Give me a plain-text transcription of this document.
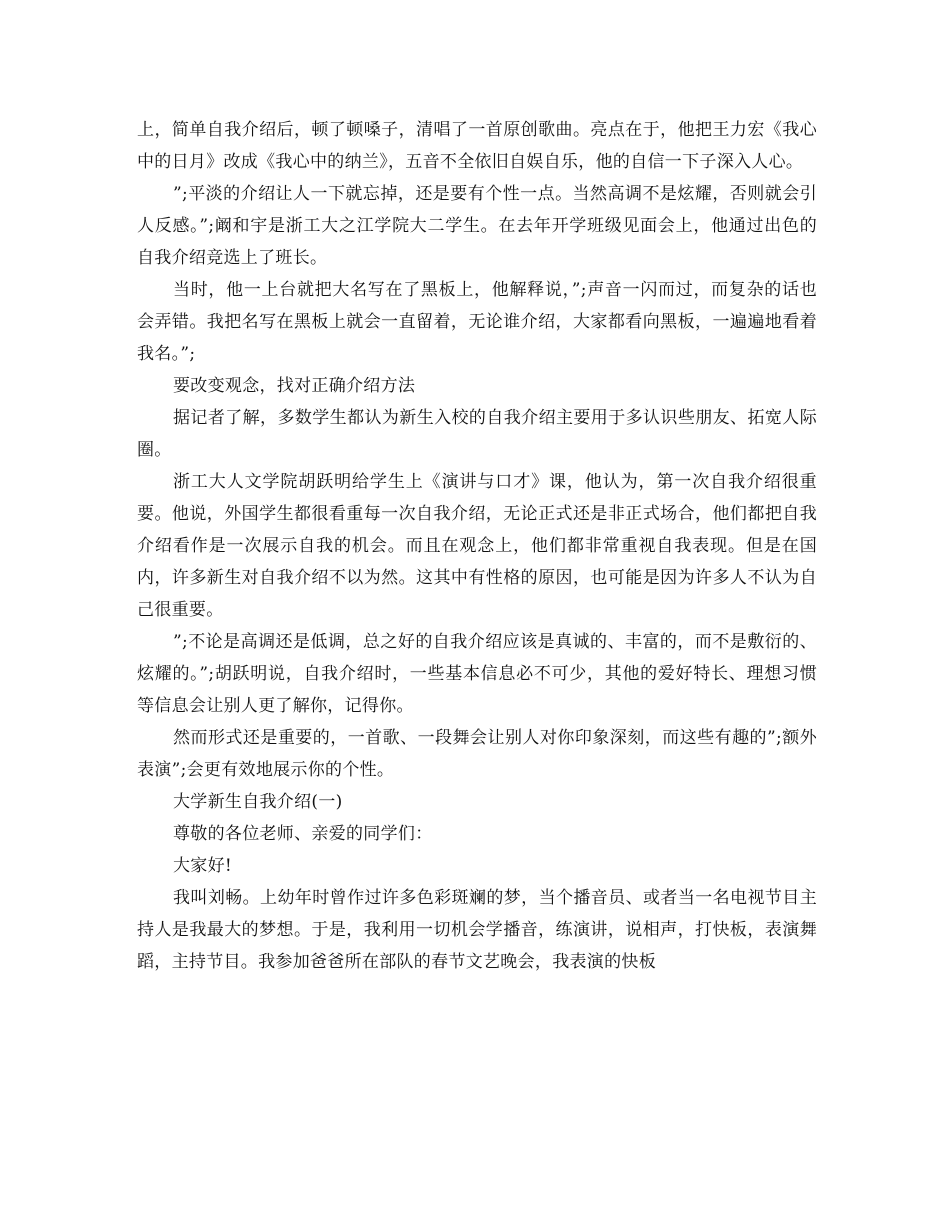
上，简单自我介绍后，顿了顿嗓子，清唱了一首原创歌曲。亮点在于，他把王力宏《我心中的日月》改成《我心中的纳兰》，五音不全依旧自娱自乐，他的自信一下子深入人心。

”;平淡的介绍让人一下就忘掉，还是要有个性一点。当然高调不是炫耀，否则就会引人反感。”;阚和宇是浙工大之江学院大二学生。在去年开学班级见面会上，他通过出色的自我介绍竞选上了班长。

当时，他一上台就把大名写在了黑板上，他解释说，”;声音一闪而过，而复杂的话也会弄错。我把名写在黑板上就会一直留着，无论谁介绍，大家都看向黑板，一遍遍地看着我名。”;

要改变观念，找对正确介绍方法

据记者了解，多数学生都认为新生入校的自我介绍主要用于多认识些朋友、拓宽人际圈。

浙工大人文学院胡跃明给学生上《演讲与口才》课，他认为，第一次自我介绍很重要。他说，外国学生都很看重每一次自我介绍，无论正式还是非正式场合，他们都把自我介绍看作是一次展示自我的机会。而且在观念上，他们都非常重视自我表现。但是在国内，许多新生对自我介绍不以为然。这其中有性格的原因，也可能是因为许多人不认为自己很重要。

”;不论是高调还是低调，总之好的自我介绍应该是真诚的、丰富的，而不是敷衍的、炫耀的。”;胡跃明说，自我介绍时，一些基本信息必不可少，其他的爱好特长、理想习惯等信息会让别人更了解你，记得你。

然而形式还是重要的，一首歌、一段舞会让别人对你印象深刻，而这些有趣的”;额外表演”;会更有效地展示你的个性。

大学新生自我介绍(一)

尊敬的各位老师、亲爱的同学们：

大家好!

我叫刘畅。上幼年时曾作过许多色彩斑斓的梦，当个播音员、或者当一名电视节目主持人是我最大的梦想。于是，我利用一切机会学播音，练演讲，说相声，打快板，表演舞蹈，主持节目。我参加爸爸所在部队的春节文艺晚会，我表演的快板
